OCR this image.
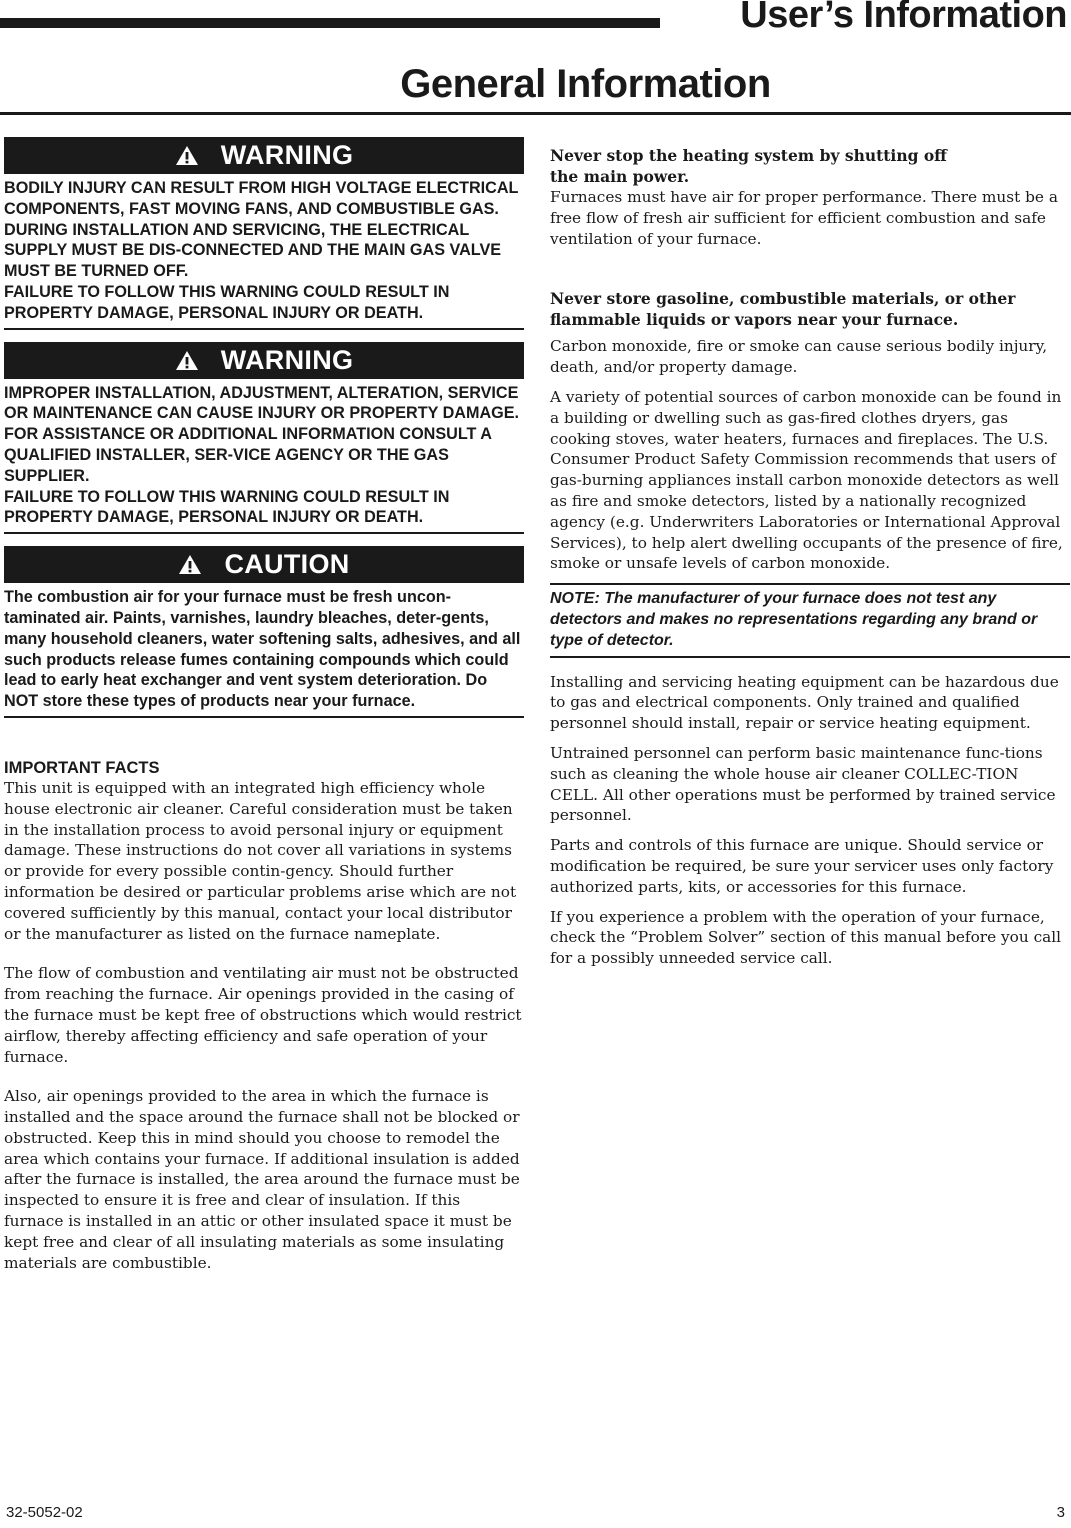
User’s Information
General Information
WARNING

BODILY INJURY CAN RESULT FROM HIGH VOLTAGE ELECTRICAL COMPONENTS, FAST MOVING FANS, AND COMBUSTIBLE GAS. DURING INSTALLATION AND SERVICING, THE ELECTRICAL SUPPLY MUST BE DIS-CONNECTED AND THE MAIN GAS VALVE MUST BE TURNED OFF.

FAILURE TO FOLLOW THIS WARNING COULD RESULT IN PROPERTY DAMAGE, PERSONAL INJURY OR DEATH.

WARNING

IMPROPER INSTALLATION, ADJUSTMENT, ALTERATION, SERVICE OR MAINTENANCE CAN CAUSE INJURY OR PROPERTY DAMAGE. FOR ASSISTANCE OR ADDITIONAL INFORMATION CONSULT A QUALIFIED INSTALLER, SER-VICE AGENCY OR THE GAS SUPPLIER.

FAILURE TO FOLLOW THIS WARNING COULD RESULT IN PROPERTY DAMAGE, PERSONAL INJURY OR DEATH.

CAUTION

The combustion air for your furnace must be fresh uncon-taminated air. Paints, varnishes, laundry bleaches, deter-gents, many household cleaners, water softening salts, adhesives, and all such products release fumes containing compounds which could lead to early heat exchanger and vent system deterioration. Do NOT store these types of products near your furnace.

IMPORTANT FACTS

This unit is equipped with an integrated high efficiency whole house electronic air cleaner. Careful consideration must be taken in the installation process to avoid personal injury or equipment damage. These instructions do not cover all variations in systems or provide for every possible contin-gency. Should further information be desired or particular problems arise which are not covered sufficiently by this manual, contact your local distributor or the manufacturer as listed on the furnace nameplate.

The flow of combustion and ventilating air must not be obstructed from reaching the furnace. Air openings provided in the casing of the furnace must be kept free of obstructions which would restrict airflow, thereby affecting efficiency and safe operation of your furnace.

Also, air openings provided to the area in which the furnace is installed and the space around the furnace shall not be blocked or obstructed. Keep this in mind should you choose to remodel the area which contains your furnace. If additional insulation is added after the furnace is installed, the area around the furnace must be inspected to ensure it is free and clear of insulation. If this furnace is installed in an attic or other insulated space it must be kept free and clear of all insulating materials as some insulating materials are combustible.

Never stop the heating system by shutting off the main power.

Furnaces must have air for proper performance. There must be a free flow of fresh air sufficient for efficient combustion and safe ventilation of your furnace.

Never store gasoline, combustible materials, or other flammable liquids or vapors near your furnace.

Carbon monoxide, fire or smoke can cause serious bodily injury, death, and/or property damage.

A variety of potential sources of carbon monoxide can be found in a building or dwelling such as gas-fired clothes dryers, gas cooking stoves, water heaters, furnaces and fireplaces. The U.S. Consumer Product Safety Commission recommends that users of gas-burning appliances install carbon monoxide detectors as well as fire and smoke detectors, listed by a nationally recognized agency (e.g. Underwriters Laboratories or International Approval Services), to help alert dwelling occupants of the presence of fire, smoke or unsafe levels of carbon monoxide.

NOTE: The manufacturer of your furnace does not test any detectors and makes no representations regarding any brand or type of detector.

Installing and servicing heating equipment can be hazardous due to gas and electrical components. Only trained and qualified personnel should install, repair or service heating equipment.

Untrained personnel can perform basic maintenance func-tions such as cleaning the whole house air cleaner COLLEC-TION CELL. All other operations must be performed by trained service personnel.

Parts and controls of this furnace are unique. Should service or modification be required, be sure your servicer uses only factory authorized parts, kits, or accessories for this furnace.

If you experience a problem with the operation of your furnace, check the “Problem Solver” section of this manual before you call for a possibly unneeded service call.

32-5052-02	3
